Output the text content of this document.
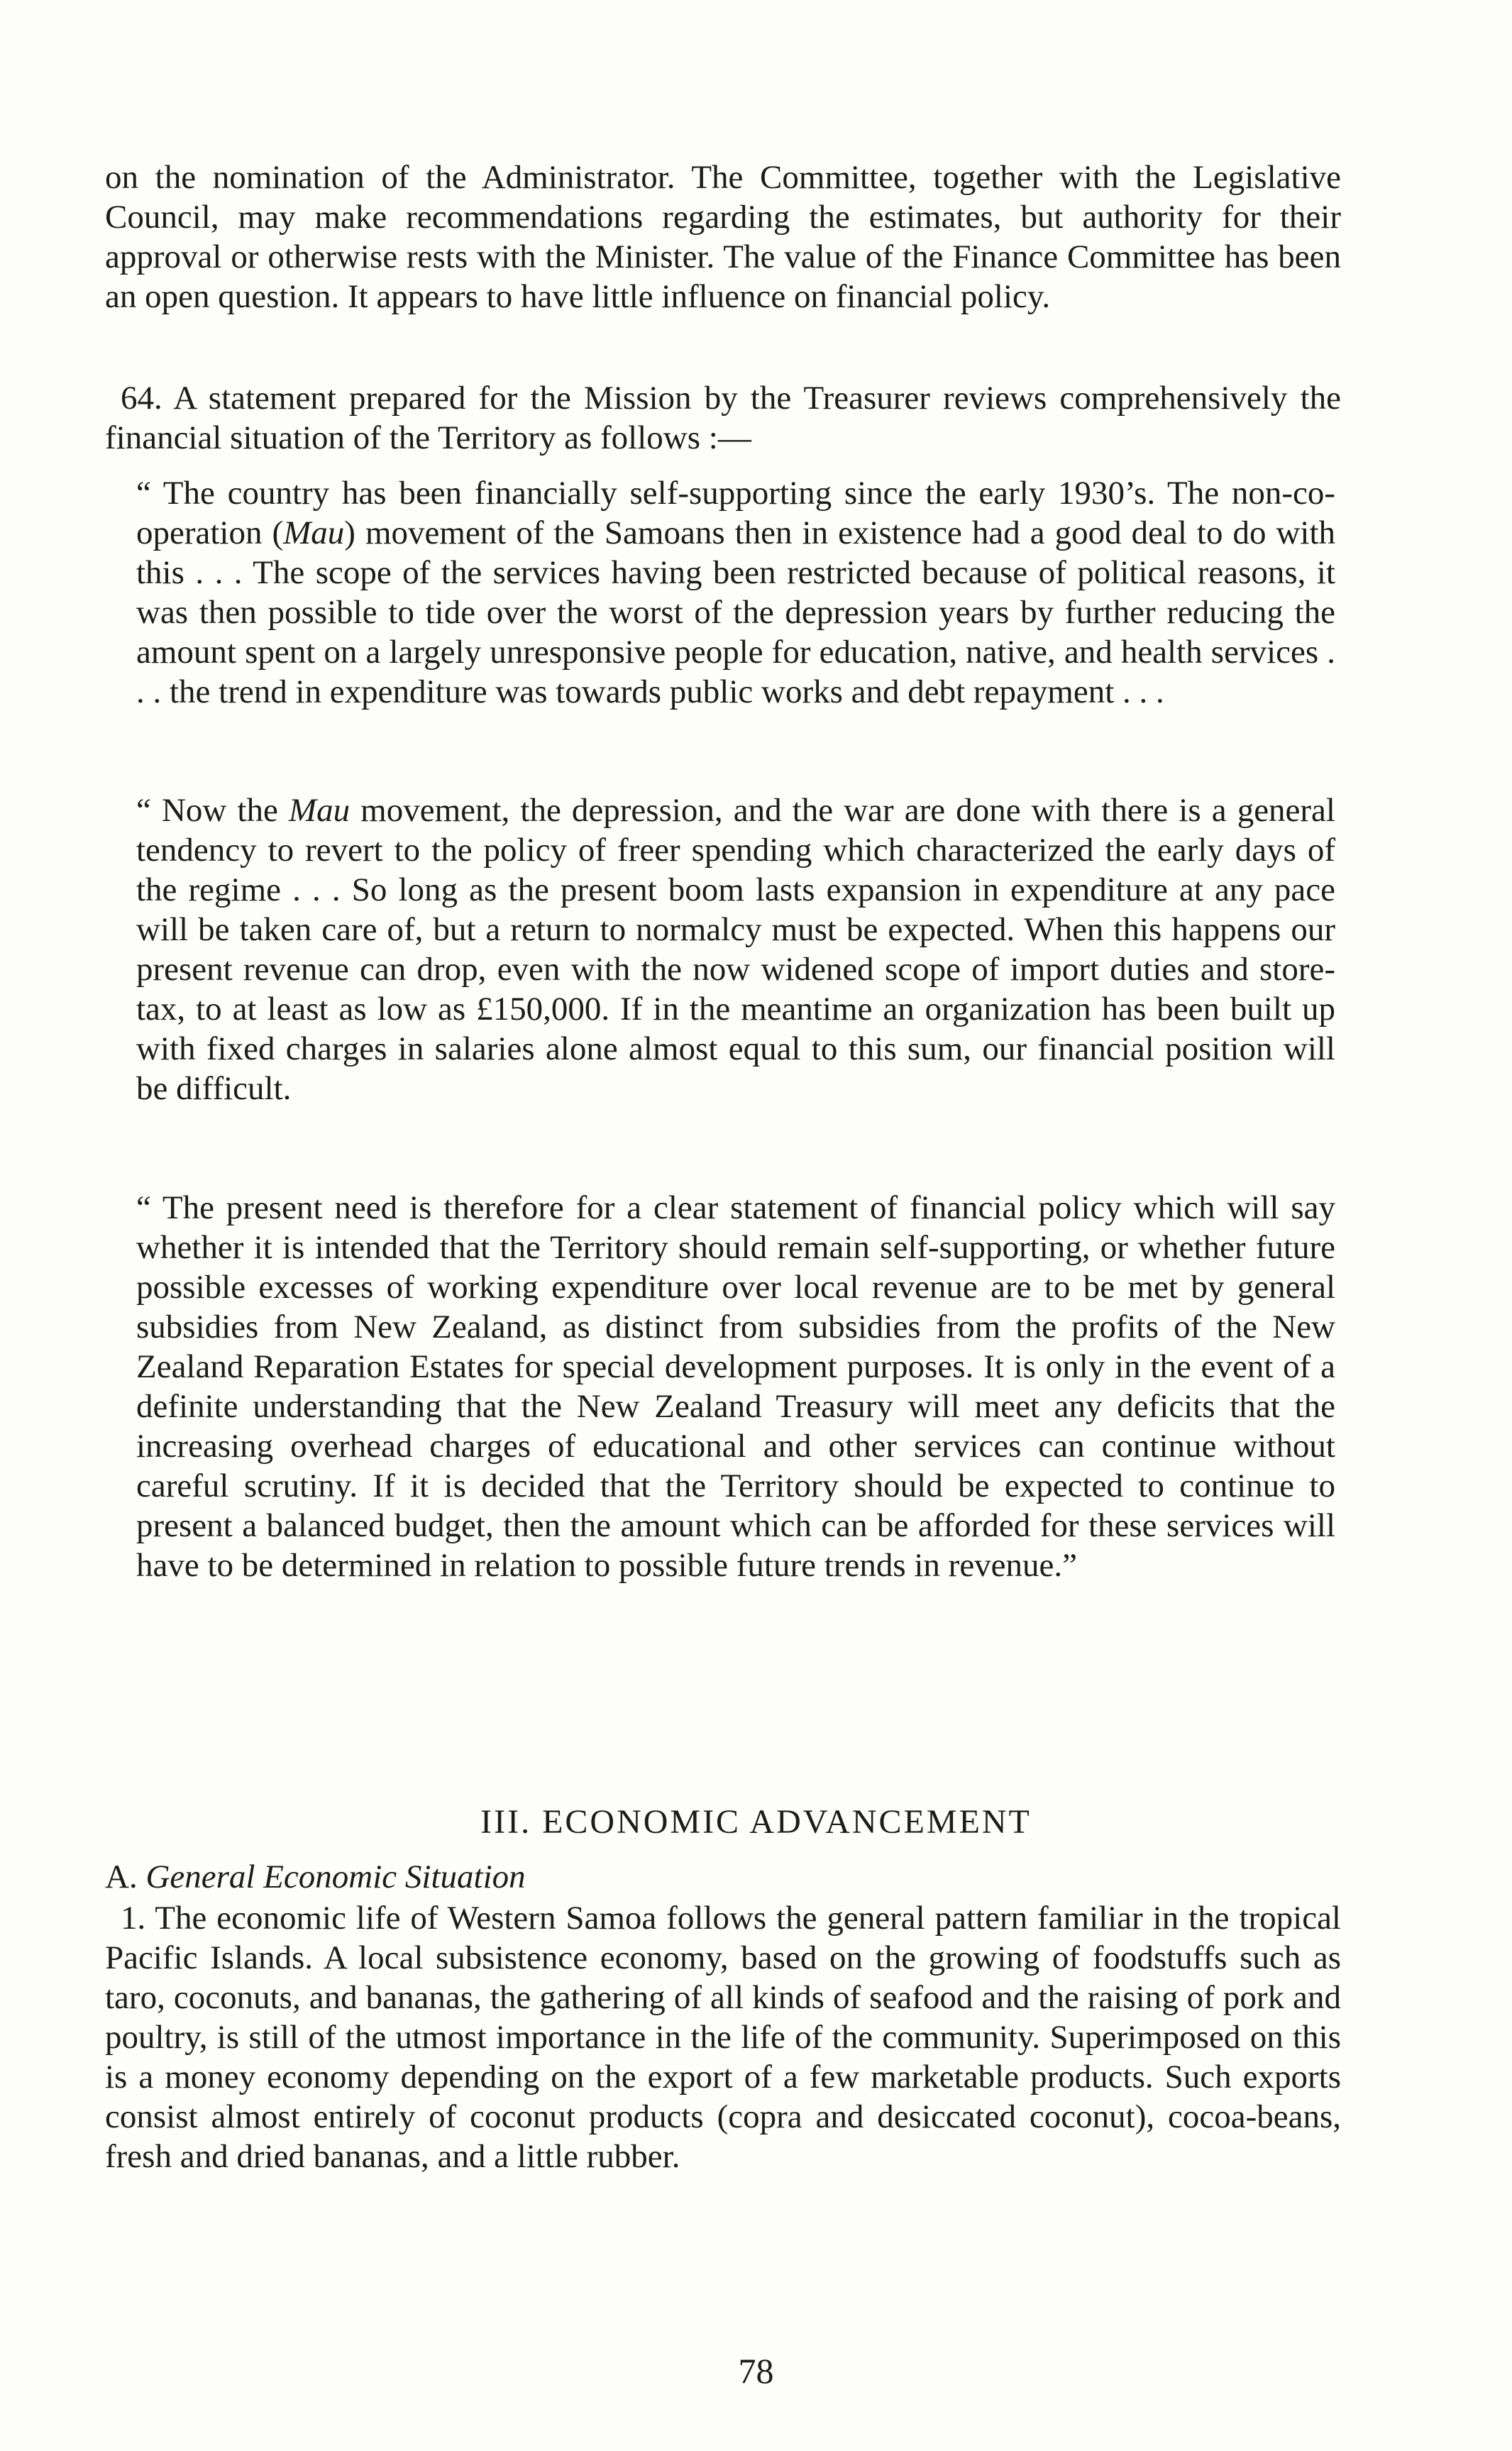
on the nomination of the Administrator. The Committee, together with the Legislative Council, may make recommendations regarding the estimates, but authority for their approval or otherwise rests with the Minister. The value of the Finance Committee has been an open question. It appears to have little influence on financial policy.

64. A statement prepared for the Mission by the Treasurer reviews comprehensively the financial situation of the Territory as follows :—

“ The country has been financially self-supporting since the early 1930’s. The non-co-operation (Mau) movement of the Samoans then in existence had a good deal to do with this . . . The scope of the services having been restricted because of political reasons, it was then possible to tide over the worst of the depression years by further reducing the amount spent on a largely unresponsive people for education, native, and health services . . . the trend in expenditure was towards public works and debt repayment . . .

“ Now the Mau movement, the depression, and the war are done with there is a general tendency to revert to the policy of freer spending which characterized the early days of the regime . . . So long as the present boom lasts expansion in expenditure at any pace will be taken care of, but a return to normalcy must be expected. When this happens our present revenue can drop, even with the now widened scope of import duties and store-tax, to at least as low as £150,000. If in the meantime an organization has been built up with fixed charges in salaries alone almost equal to this sum, our financial position will be difficult.

“ The present need is therefore for a clear statement of financial policy which will say whether it is intended that the Territory should remain self-supporting, or whether future possible excesses of working expenditure over local revenue are to be met by general subsidies from New Zealand, as distinct from subsidies from the profits of the New Zealand Reparation Estates for special development purposes. It is only in the event of a definite understanding that the New Zealand Treasury will meet any deficits that the increasing overhead charges of educational and other services can continue without careful scrutiny. If it is decided that the Territory should be expected to continue to present a balanced budget, then the amount which can be afforded for these services will have to be determined in relation to possible future trends in revenue.”

III. ECONOMIC ADVANCEMENT
A. General Economic Situation

1. The economic life of Western Samoa follows the general pattern familiar in the tropical Pacific Islands. A local subsistence economy, based on the growing of foodstuffs such as taro, coconuts, and bananas, the gathering of all kinds of seafood and the raising of pork and poultry, is still of the utmost importance in the life of the community. Superimposed on this is a money economy depending on the export of a few marketable products. Such exports consist almost entirely of coconut products (copra and desiccated coconut), cocoa-beans, fresh and dried bananas, and a little rubber.

78
